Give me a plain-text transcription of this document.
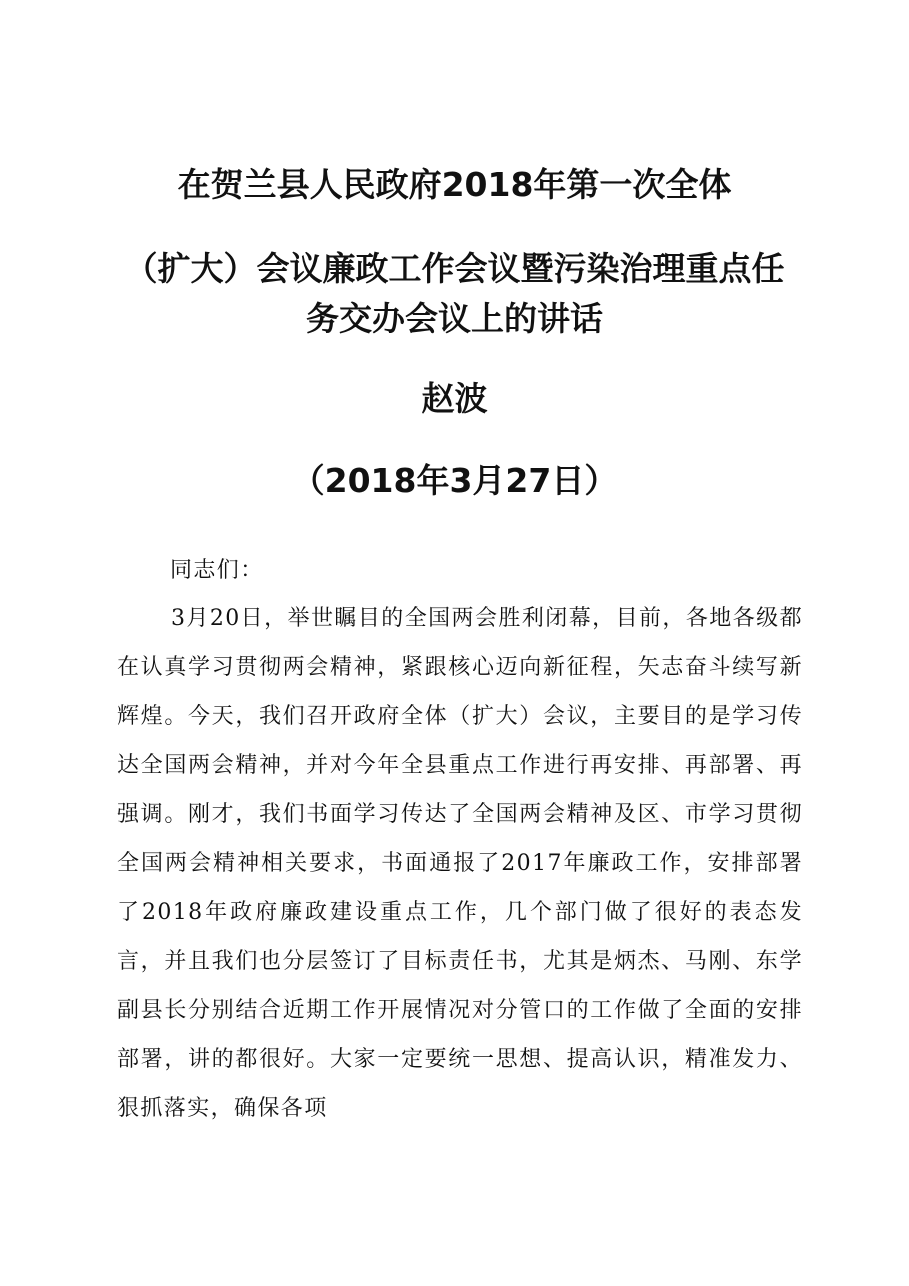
在贺兰县人民政府2018年第一次全体
（扩大）会议廉政工作会议暨污染治理重点任
务交办会议上的讲话
赵波
（2018年3月27日）
同志们：
3月20日，举世瞩目的全国两会胜利闭幕，目前，各地各级都在认真学习贯彻两会精神，紧跟核心迈向新征程，矢志奋斗续写新辉煌。今天，我们召开政府全体（扩大）会议，主要目的是学习传达全国两会精神，并对今年全县重点工作进行再安排、再部署、再强调。刚才，我们书面学习传达了全国两会精神及区、市学习贯彻全国两会精神相关要求，书面通报了2017年廉政工作，安排部署了2018年政府廉政建设重点工作，几个部门做了很好的表态发言，并且我们也分层签订了目标责任书，尤其是炳杰、马刚、东学副县长分别结合近期工作开展情况对分管口的工作做了全面的安排部署，讲的都很好。大家一定要统一思想、提高认识，精准发力、狠抓落实，确保各项
